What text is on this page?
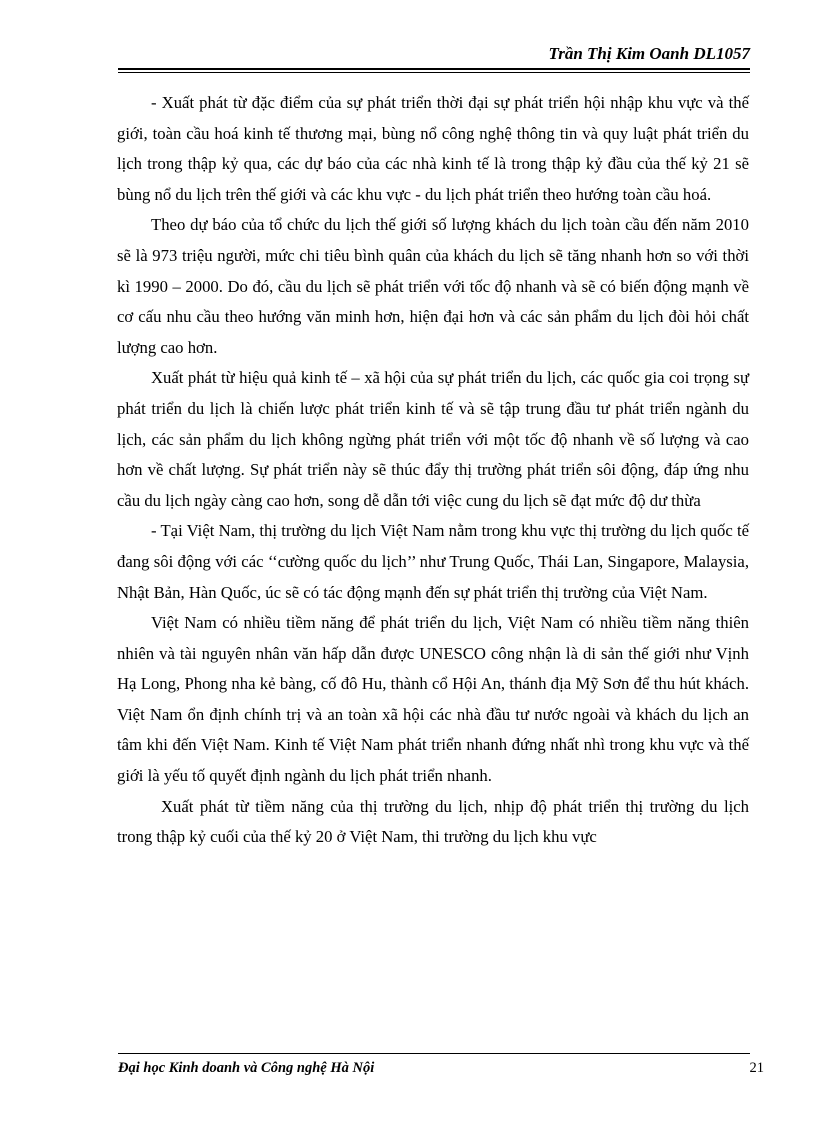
Trần Thị Kim Oanh DL1057

- Xuất phát từ đặc điểm của sự phát triển thời đại sự phát triển hội nhập khu vực và thế giới, toàn cầu hoá kinh tế thương mại, bùng nổ công nghệ thông tin và quy luật phát triển du lịch trong thập kỷ qua, các dự báo của các nhà kinh tế là trong thập kỷ đầu của thế kỷ 21 sẽ bùng nổ du lịch trên thế giới và các khu vực - du lịch phát triển theo hướng toàn cầu hoá.

Theo dự báo của tổ chức du lịch thế giới số lượng khách du lịch toàn cầu đến năm 2010 sẽ là 973 triệu người, mức chi tiêu bình quân của khách du lịch sẽ tăng nhanh hơn so với thời kì 1990 – 2000. Do đó, cầu du lịch sẽ phát triển với tốc độ nhanh và sẽ có biến động mạnh về cơ cấu nhu cầu theo hướng văn minh hơn, hiện đại hơn và các sản phẩm du lịch đòi hỏi chất lượng cao hơn.

Xuất phát từ hiệu quả kinh tế – xã hội của sự phát triển du lịch, các quốc gia coi trọng sự phát triển du lịch là chiến lược phát triển kinh tế và sẽ tập trung đầu tư phát triển ngành du lịch, các sản phẩm du lịch không ngừng phát triển với một tốc độ nhanh về số lượng và cao hơn về chất lượng. Sự phát triển này sẽ thúc đẩy thị trường phát triển sôi động, đáp ứng nhu cầu du lịch ngày càng cao hơn, song dễ dẫn tới việc cung du lịch sẽ đạt mức độ dư thừa

- Tại Việt Nam, thị trường du lịch Việt Nam nằm trong khu vực thị trường du lịch quốc tế đang sôi động với các ‘‘cường quốc du lịch’’ như Trung Quốc, Thái Lan, Singapore, Malaysia, Nhật Bản, Hàn Quốc, úc sẽ có tác động mạnh đến sự phát triển thị trường của Việt Nam.

Việt Nam có nhiều tiềm năng để phát triển du lịch, Việt Nam có nhiều tiềm năng thiên nhiên và tài nguyên nhân văn hấp dẫn được UNESCO công nhận là di sản thế giới như Vịnh Hạ Long, Phong nha kẻ bàng, cố đô Hu, thành cổ Hội An, thánh địa Mỹ Sơn để thu hút khách. Việt Nam ổn định chính trị và an toàn xã hội các nhà đầu tư nước ngoài và khách du lịch an tâm khi đến Việt Nam. Kinh tế Việt Nam phát triển nhanh đứng nhất nhì trong khu vực và thế giới là yếu tố quyết định ngành du lịch phát triển nhanh.

Xuất phát từ tiềm năng của thị trường du lịch, nhịp độ phát triển thị trường du lịch trong thập kỷ cuối của thế kỷ 20 ở Việt Nam, thi trường du lịch khu vực

Đại học Kinh doanh và Công nghệ Hà Nội	21
